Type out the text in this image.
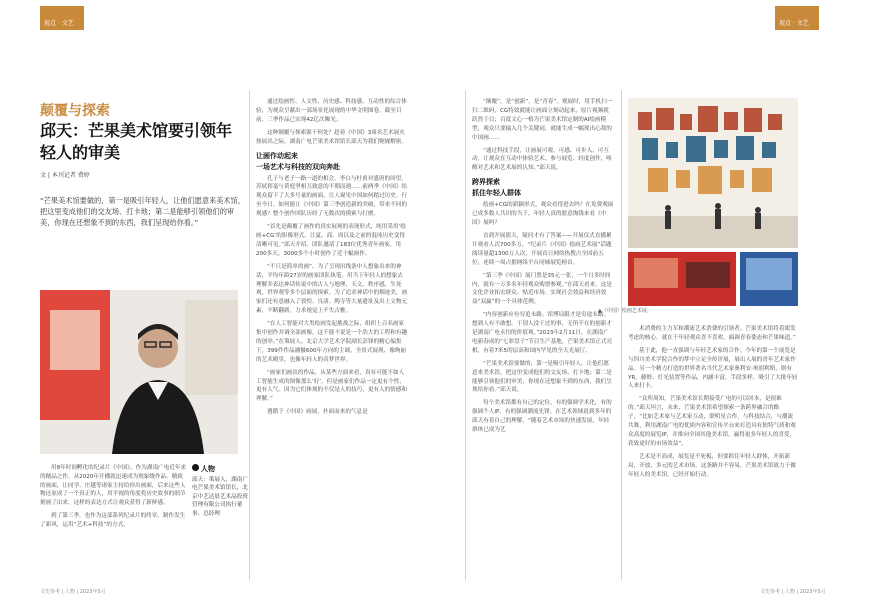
视点 · 文艺	视点 · 文艺
颠覆与探索
邱天：芒果美术馆要引领年轻人的审美
文 | 本刊记者 费婷
“芒果美术馆要做的，第一是吸引年轻人，让他们愿意来美术馆，把这里变成他们的交友场、打卡地；第二是能够引领他们的审美，你现在还想象不到的东西，我们呈现给你看。”

用8年时间孵化的纪录片《中国》，作为湖南广电近年来的精品之作，从2020年开播就迅速成为现象级作品。精致的画面，让同学、庄越等诸家主持给你出画面，后来这些人物还原成了一个真正的人，用平视的角度将历史故事的细节刻画了出来，这样的表达方式让观众获得了新鲜感。

到了第三季，也作为这部系列纪录片的终章，制作发生了新风，运用“艺术+科技”的方式，

人物
邱天：策展人，湖南广电芒果美术馆馆长，北京中艺达晨艺术品投资管理有限公司执行董事、总经理

通过绘画性、人文性、历史感、科技感、互动性的综合体验，为观众呈献出一部场景化展现的中华文明图卷。截至目前，三季作品已实现42亿次曝光。

这种颠覆与探索源于何处？趁着《中国》3周名艺术展火热展出之际，湖南广电芒果美术馆馆长邱天为我们娓娓解密。

让画作动起来
一场艺术与科技的双向奔赴

孔子与老子一路一道的相会，李白与杜甫对盛唐的回望，苏轼挥毫与黄庭坚相互致意的不期而遇……前两季《中国》给观众留下了大多号量的画面，让人窥见中国如何踏过历史、行至今日。如何能让《中国》第三季创造新的突破，带来不同的观感？整个创作团队历经了无数次的摸索与打磨。

“首先是颠覆了画作的真实展现的表现形式，纯用采用‘绘画+CG’的影像形式，让夏、商、周以及之前的混沌历史变得清晰可见。”邱天介绍，团队邀请了183位优秀青年画家，用200多天、3000多个小时创作了近千幅画作。

“不只是简单的画”，为了呈现出线条中人想象出来的神话，平均年龄27岁的画家团队执笔，用当下年轻人的想象去理解并表达神话传说中的古人与地理、天文、秩序感、生死观，世界观等多个层面的探索。为了追求神话中的烟迹美，画家们还有意融入了敦煌、良渚、陶寺等大量遗址及出土文物元素，不断翻新，力求视觉上不失古雅。

“在人工智能对大类绘画发起挑战之际，组织上百名画家集中创作并调全部画像，这不能不说是一个浩大的工程和有趣的创举。”在策展人、北京大学艺术学院副长彭锋的精心编集下，399件作品涵摄600年方向的主调，全景式展现、像绚丽的艺术殿堂，也像年轻人的奇梦世界。

“画家们画出的作品，从某些方面来看，真有可能不如人工智能生成的图像那么‘好’。但是画家们作品一定更有个性、更有人气。因为它们体现的不仅是人的技巧，更有人的情感和理解。”

遵循于《中国》画展，扑面而来的气息是

“颠覆”，是“创新”，是“青春”。观展时，用手机扫一扫二维码，CG特效就能让画面立刻动起来，原片视频就跃然于目；百度文心一格为芒果美术馆定制的AI绘画模型，观众只要输入几个关键词，就能生成一幅现出心裁的中国画……

“通过科技手段，让画展可观、可感、可步入、可互动，让观众在互动中体验艺术、参与展览、轻度创作，唤醒对艺术和艺术展的认知。”邱天说。

跨界探索
抓住年轻人群体

绘画+CG的新颖形式，观众看得进去吗？在免费观展已成多数人共识的当下，年轻人真的愿意掏钱来看《中国》展吗？

直到开展那天，疑问才有了答案——开展仪式直播累计观看人次700多万，“纪录片《中国》绘画艺术展”话题阅读量超1300万人次，开展首日网络热搜占全国前五位，连续一周占据网络平台同城展览榜首。

“第三季《中国》展门票是35元一张，一个月多时间内，就有一万多名年轻观众购票参观。”在邱天看来，这是文化企业拓宏群众、贴近市场、实现社会效益和经济效益“双赢”的一个具体范例。

“内容创新应有穷追未路。馆博局限才是穷途末路。想到人有不敢想，干别人没干过的事，无所不在的创新才是湖南广电永恒的价值观。”2023年2月11日，在湖南广电新春成的“七彩盘子”节目生产基地，芒果美术馆正式亮相，有着7米5的层高和国内罕见的全天光展厅。

“芒果美术馆要做的，第一是吸引年轻人，让他们愿意来美术馆，把这里变成他们的交友场、打卡地；第二是能够引领他们的审美，你现在还想象不到的东西，我们呈现给你看。”邱天说。

每个美术馆都有自己的定位，有的强调学术化，有的强调个人IP，有的强调潮流先锋。在艺术领域说到多年的邱天有着自己的理解，“随着艺术市场的快速发展，年轻群体已成为艺

▲《中国》绘画艺术展。

术消费的主力军和潮流艺术消费的引领者。芒果美术馆将着眼发考虑的核心，就在于年轻观众喜不喜欢，搞调青春姿态和芒果味道。”

基于此，他一直强调与年轻艺术家的合作。今年的第一个展览是与四川美术学院合作的梦中立足全传评展，展出人展的青年艺术家作品。另一个精力打造的世界著名当代艺术家奥利安·奥胡利斯，则有YR、藤野、灯光装置等作品，内涵丰富、手段多样，吸引了大批年轻人来打卡。

“众所周知，芒果美术馆长期接受广电的可以回本，是很难的。”邱天坦言，未来，芒果美术馆希望探索一条跨界融合的路子，“比如艺术家与艺术家互动，联明星合作，与科技结合，与潮流共舞，利用湖南广电的优质内容和宣传平台来打造具有独特气质和观众高度的展览IP，并推向全国其他美术馆，赢得更多年轻人的喜爱，获致更好的市场效益”。

艺术是不高成，展览是不死板，但要抓住年轻人群体，开拓新局，开放、多元的艺术市场，这条路并不容易，芒果美术馆致力于做年轻人的美术馆，已经开始行动。

文史参考 | 人物 | 2023年5月	文史参考 | 人物 | 2023年5月
